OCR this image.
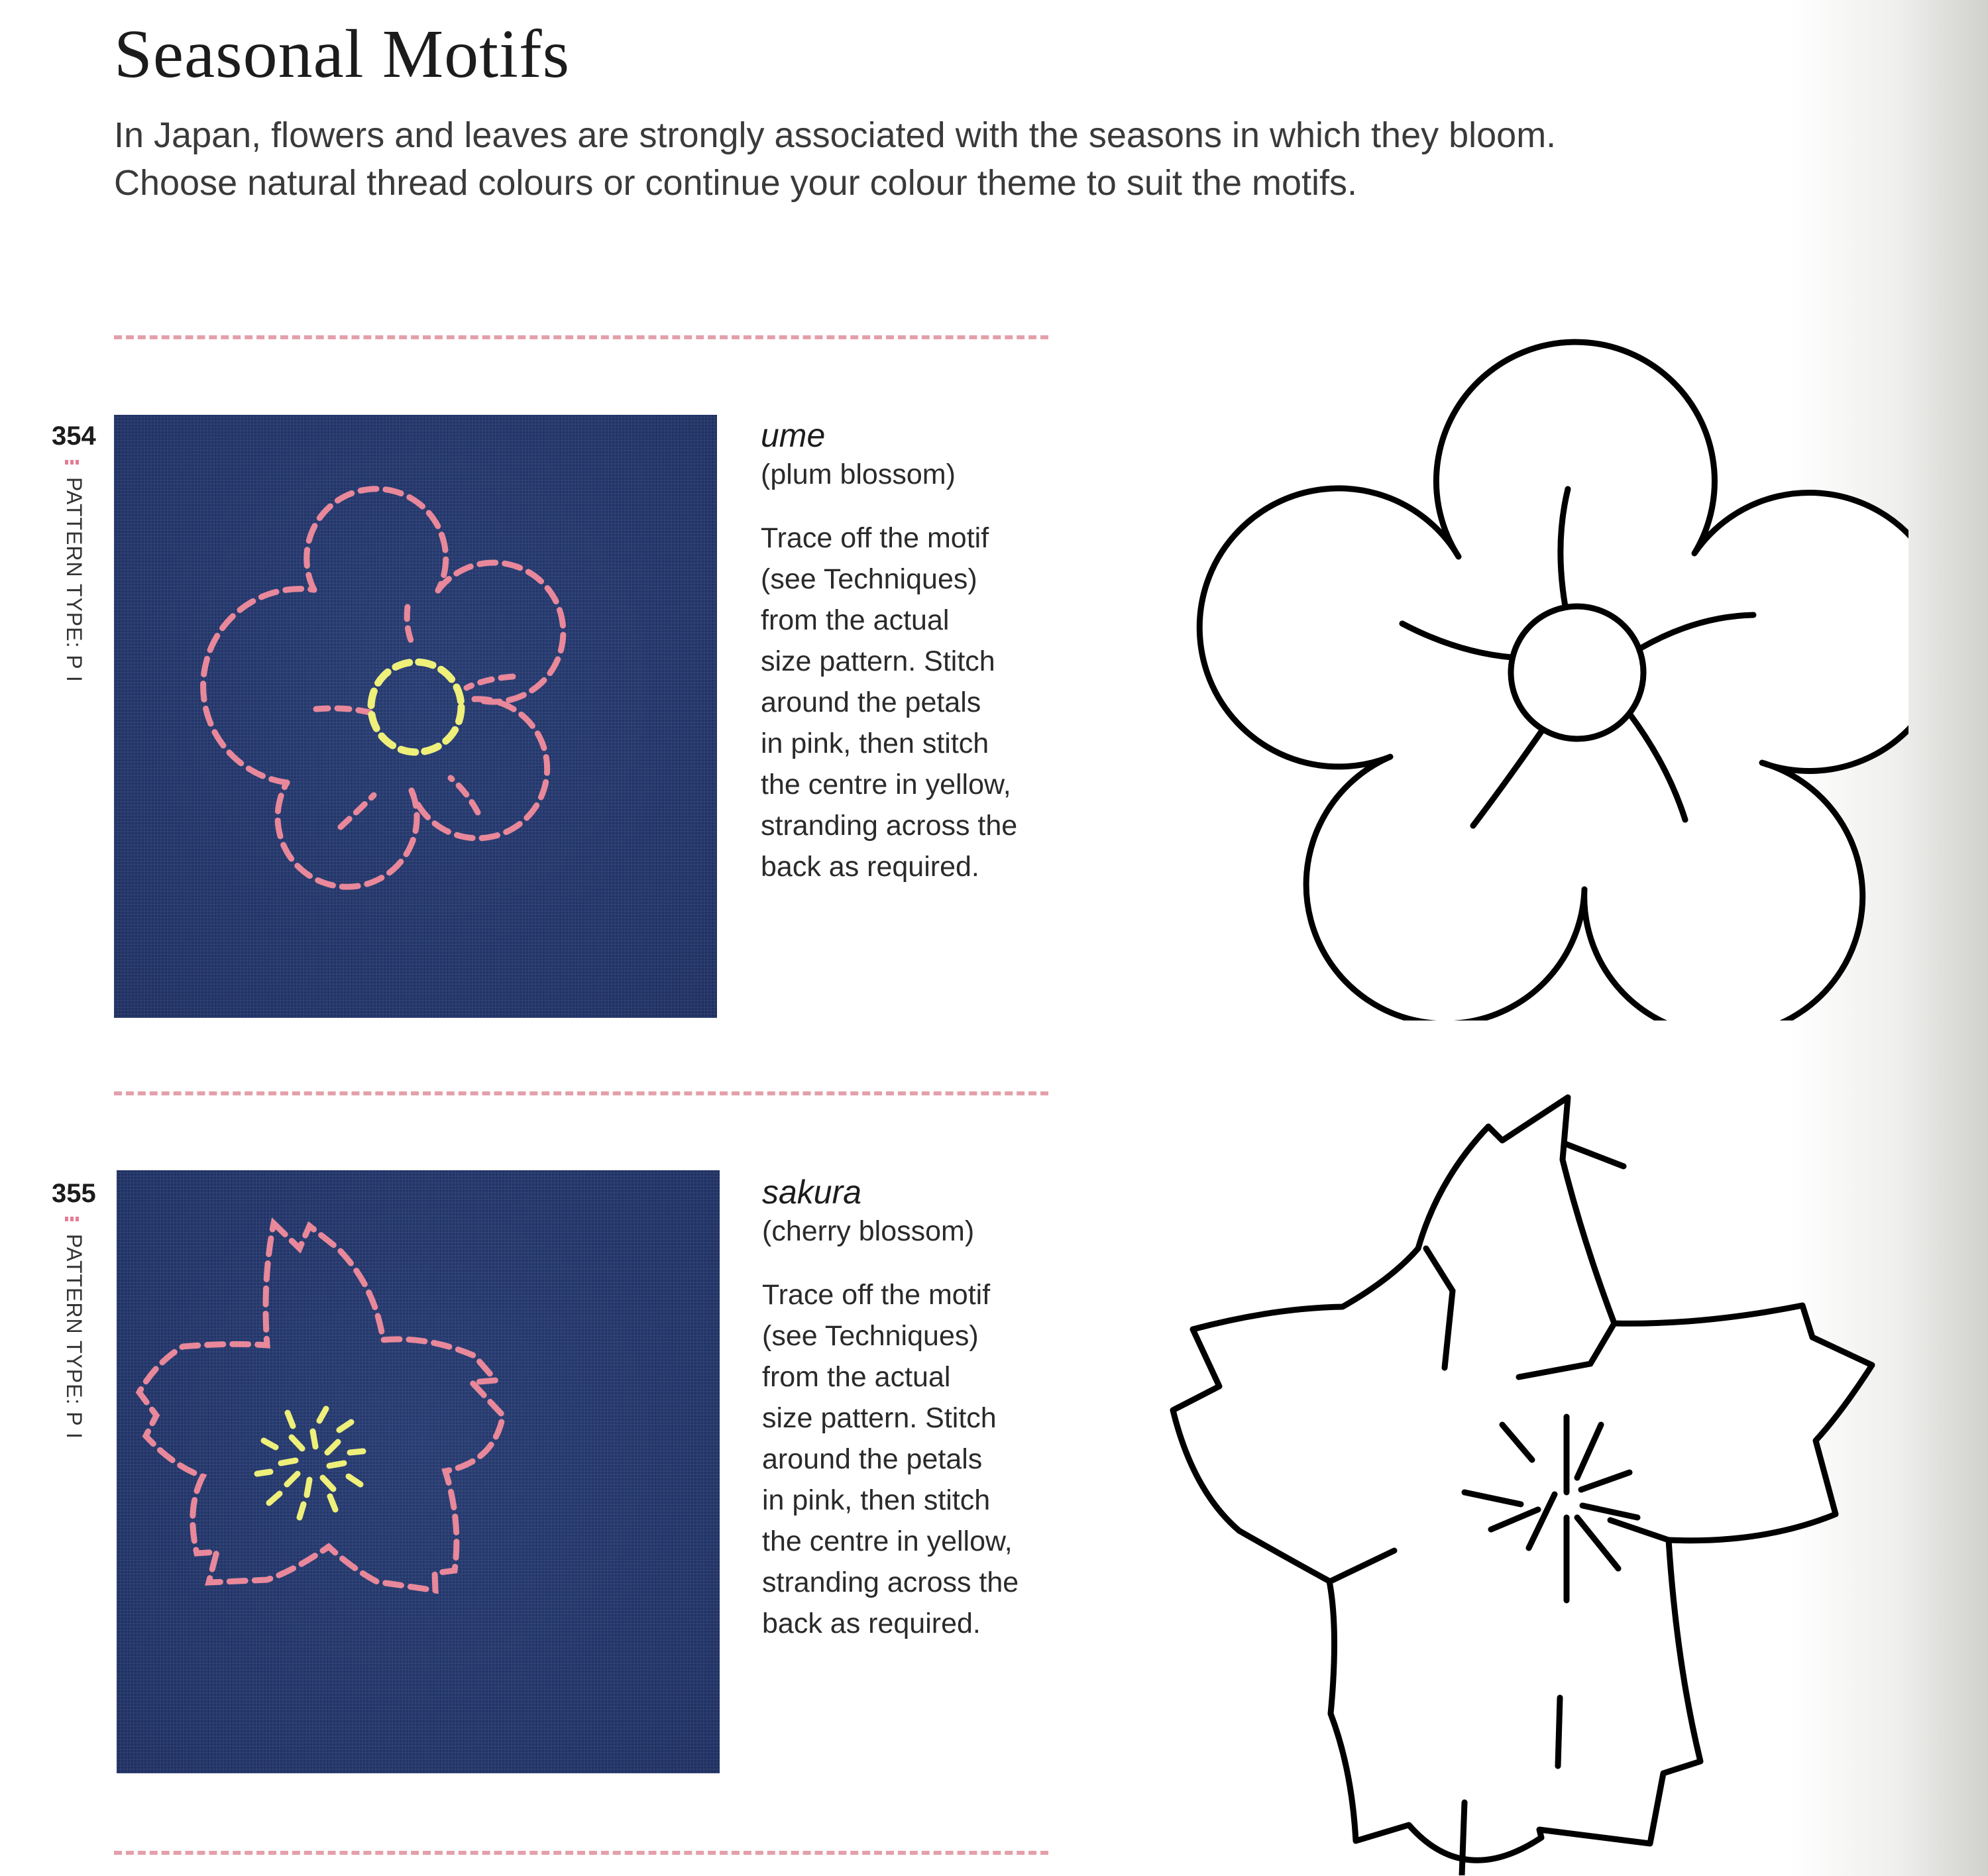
Seasonal Motifs

In Japan, flowers and leaves are strongly associated with the seasons in which they bloom.

Choose natural thread colours or continue your colour theme to suit the motifs.

354
PATTERN TYPE: P I
ume

(plum blossom)

Trace off the motif
(see Techniques)
from the actual
size pattern. Stitch
around the petals
in pink, then stitch
the centre in yellow,
stranding across the
back as required.

355
PATTERN TYPE: P I
sakura

(cherry blossom)

Trace off the motif
(see Techniques)
from the actual
size pattern. Stitch
around the petals
in pink, then stitch
the centre in yellow,
stranding across the
back as required.
